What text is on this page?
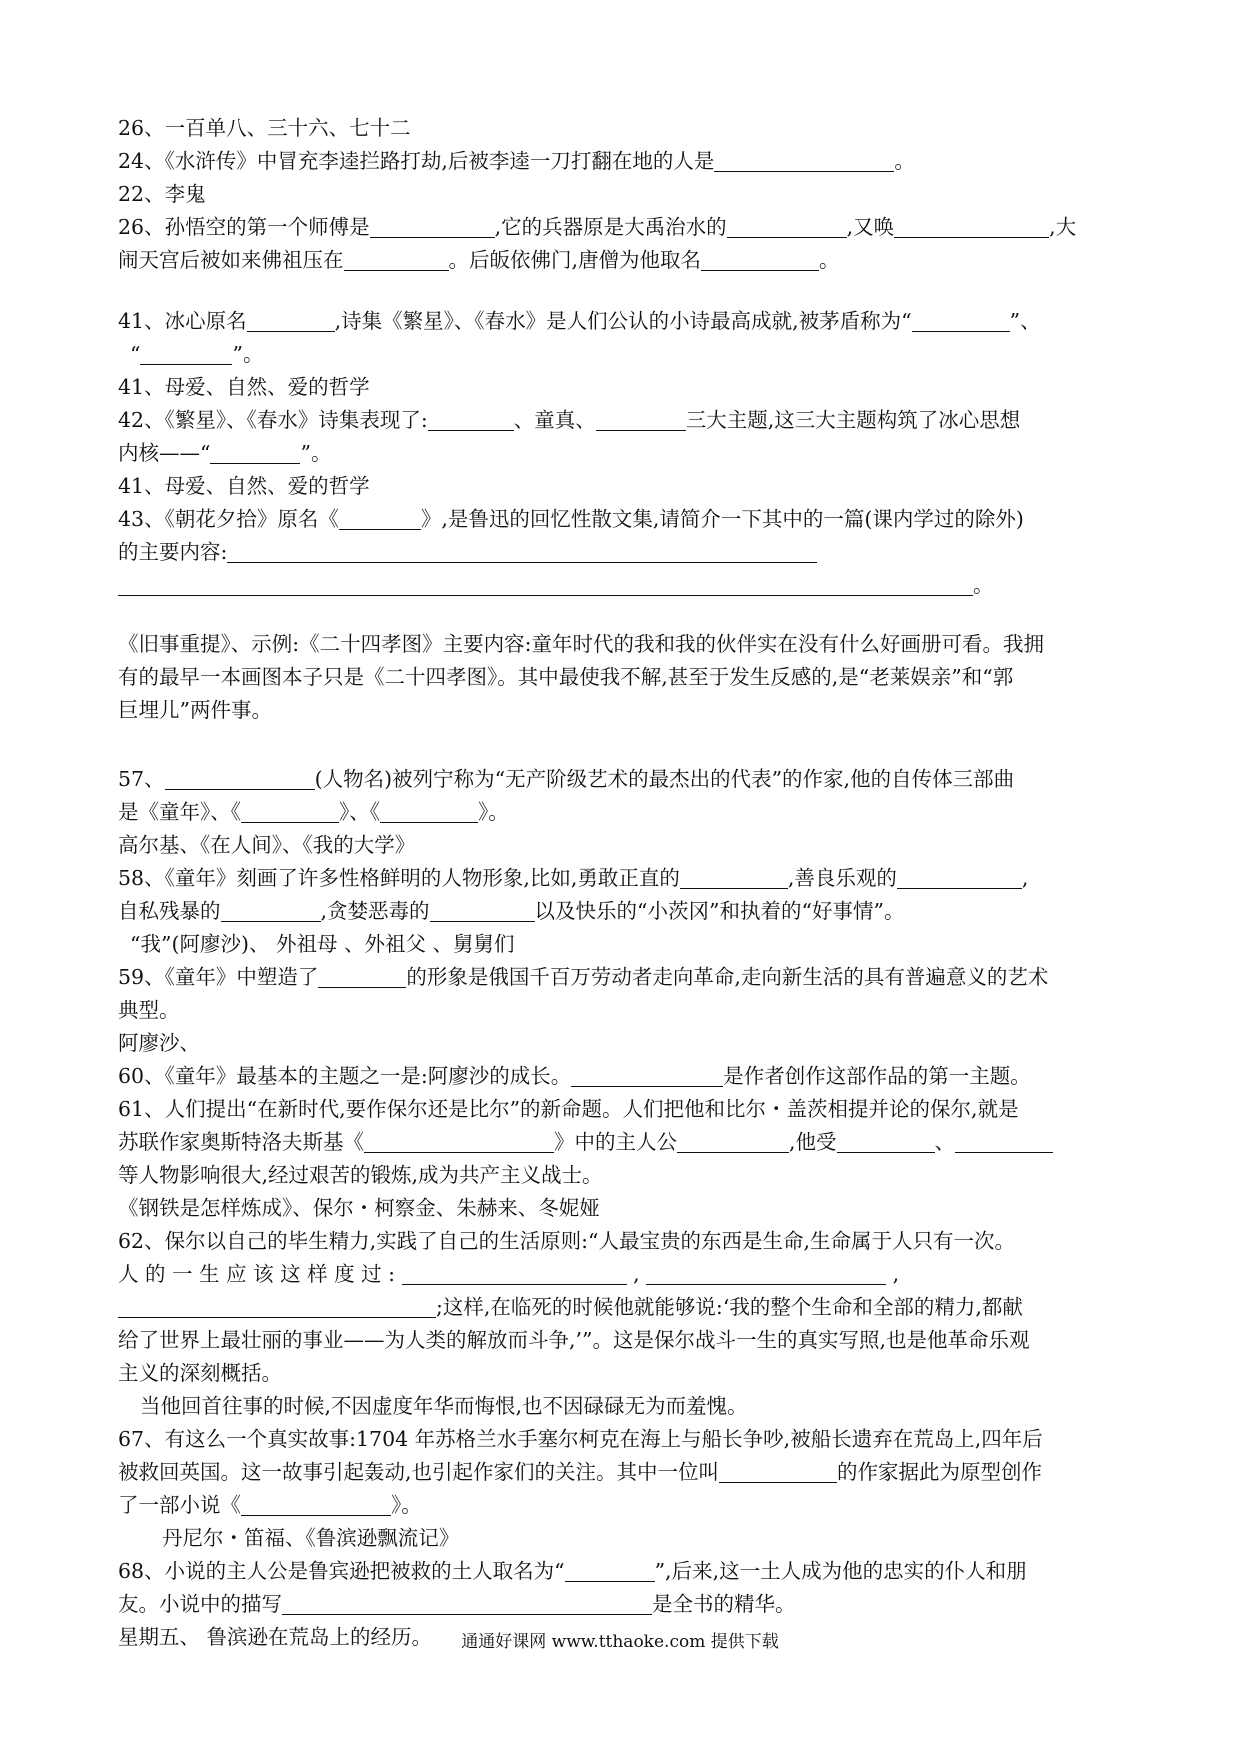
26、一百单八、三十六、七十二
24、《水浒传》中冒充李逵拦路打劫,后被李逵一刀打翻在地的人是	。
22、李鬼
26、孙悟空的第一个师傅是	,它的兵器原是大禹治水的	,又唤	,大
闹天宫后被如来佛祖压在	。后皈依佛门,唐僧为他取名	。
41、冰心原名	,诗集《繁星》、《春水》是人们公认的小诗最高成就,被茅盾称为“	”、
“	”。
41、母爱、自然、爱的哲学
42、《繁星》、《春水》诗集表现了:	、童真、	三大主题,这三大主题构筑了冰心思想
内核——“	”。
41、母爱、自然、爱的哲学
43、《朝花夕拾》原名《	》,是鲁迅的回忆性散文集,请简介一下其中的一篇(课内学过的除外)
的主要内容:
。
《旧事重提》、示例:《二十四孝图》主要内容:童年时代的我和我的伙伴实在没有什么好画册可看。我拥
有的最早一本画图本子只是《二十四孝图》。其中最使我不解,甚至于发生反感的,是“老莱娱亲”和“郭
巨埋儿”两件事。
57、	(人物名)被列宁称为“无产阶级艺术的最杰出的代表”的作家,他的自传体三部曲
是《童年》、《	》、《	》。
高尔基、《在人间》、《我的大学》
58、《童年》刻画了许多性格鲜明的人物形象,比如,勇敢正直的	,善良乐观的	,
自私残暴的	,贪婪恶毒的	以及快乐的“小茨冈”和执着的“好事情”。
“我”(阿廖沙)、 外祖母 、外祖父 、舅舅们
59、《童年》中塑造了	的形象是俄国千百万劳动者走向革命,走向新生活的具有普遍意义的艺术
典型。
阿廖沙、
60、《童年》最基本的主题之一是:阿廖沙的成长。	是作者创作这部作品的第一主题。
61、人们提出“在新时代,要作保尔还是比尔”的新命题。人们把他和比尔・盖茨相提并论的保尔,就是
苏联作家奥斯特洛夫斯基《	》中的主人公	,他受	、
等人物影响很大,经过艰苦的锻炼,成为共产主义战士。
《钢铁是怎样炼成》、保尔・柯察金、朱赫来、冬妮娅
62、保尔以自己的毕生精力,实践了自己的生活原则:“人最宝贵的东西是生命,生命属于人只有一次。
人 的 一 生 应 该 这 样 度 过 :	,	,
;这样,在临死的时候他就能够说:‘我的整个生命和全部的精力,都献
给了世界上最壮丽的事业——为人类的解放而斗争,’”。这是保尔战斗一生的真实写照,也是他革命乐观
主义的深刻概括。
当他回首往事的时候,不因虚度年华而悔恨,也不因碌碌无为而羞愧。
67、有这么一个真实故事:1704 年苏格兰水手塞尔柯克在海上与船长争吵,被船长遗弃在荒岛上,四年后
被救回英国。这一故事引起轰动,也引起作家们的关注。其中一位叫	的作家据此为原型创作
了一部小说《	》。
丹尼尔・笛福、《鲁滨逊飘流记》
68、小说的主人公是鲁宾逊把被救的土人取名为“	”,后来,这一土人成为他的忠实的仆人和朋
友。小说中的描写	是全书的精华。
星期五、 鲁滨逊在荒岛上的经历。	通通好课网 www.tthaoke.com 提供下载
